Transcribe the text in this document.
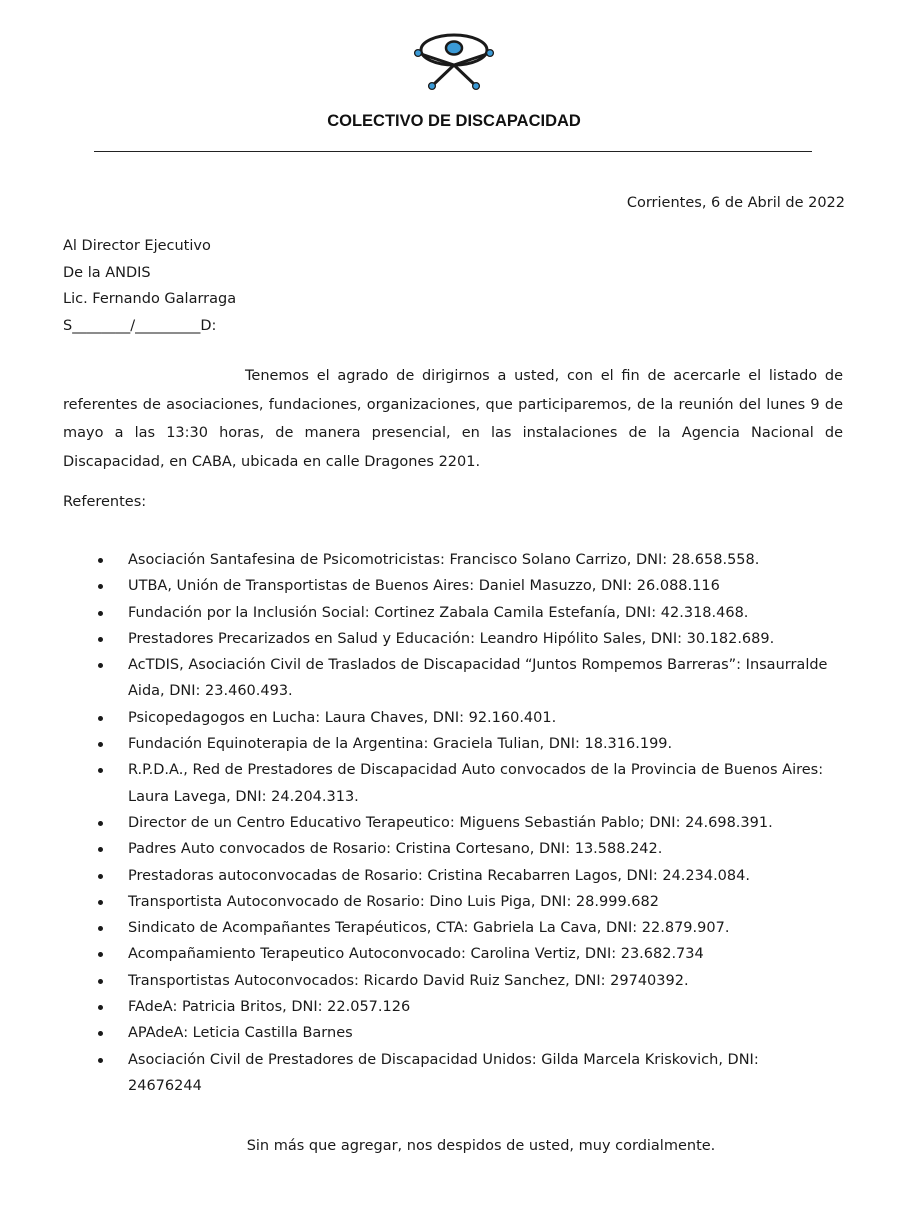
COLECTIVO DE DISCAPACIDAD
Corrientes, 6 de Abril de 2022
Al Director Ejecutivo
De la ANDIS
Lic. Fernando Galarraga
S________/_________D:
Tenemos el agrado de dirigirnos a usted, con el fin de acercarle el listado de referentes de asociaciones, fundaciones, organizaciones, que participaremos, de la reunión del lunes 9 de mayo a las 13:30 horas, de manera presencial, en las instalaciones de la Agencia Nacional de Discapacidad, en CABA, ubicada en calle Dragones 2201.
Referentes:
Asociación Santafesina de Psicomotricistas: Francisco Solano Carrizo, DNI: 28.658.558.
UTBA, Unión de Transportistas de Buenos Aires: Daniel Masuzzo, DNI: 26.088.116
Fundación por la Inclusión Social: Cortinez Zabala Camila Estefanía, DNI: 42.318.468.
Prestadores Precarizados en Salud y Educación: Leandro Hipólito Sales, DNI: 30.182.689.
AcTDIS, Asociación Civil de Traslados de Discapacidad “Juntos Rompemos Barreras”: Insaurralde Aida, DNI: 23.460.493.
Psicopedagogos en Lucha: Laura Chaves, DNI: 92.160.401.
Fundación Equinoterapia de la Argentina: Graciela Tulian, DNI: 18.316.199.
R.P.D.A., Red de Prestadores de Discapacidad Auto convocados de la Provincia de Buenos Aires: Laura Lavega, DNI: 24.204.313.
Director de un Centro Educativo Terapeutico: Miguens Sebastián Pablo; DNI: 24.698.391.
Padres Auto convocados de Rosario: Cristina Cortesano, DNI: 13.588.242.
Prestadoras autoconvocadas de Rosario: Cristina Recabarren Lagos, DNI: 24.234.084.
Transportista Autoconvocado de Rosario: Dino Luis Piga, DNI: 28.999.682
Sindicato de Acompañantes Terapéuticos, CTA: Gabriela La Cava, DNI: 22.879.907.
Acompañamiento Terapeutico Autoconvocado: Carolina Vertiz, DNI: 23.682.734
Transportistas Autoconvocados: Ricardo David Ruiz Sanchez, DNI: 29740392.
FAdeA: Patricia Britos, DNI: 22.057.126
APAdeA: Leticia Castilla Barnes
Asociación Civil de Prestadores de Discapacidad Unidos: Gilda Marcela Kriskovich, DNI: 24676244
Sin más que agregar, nos despidos de usted, muy cordialmente.
